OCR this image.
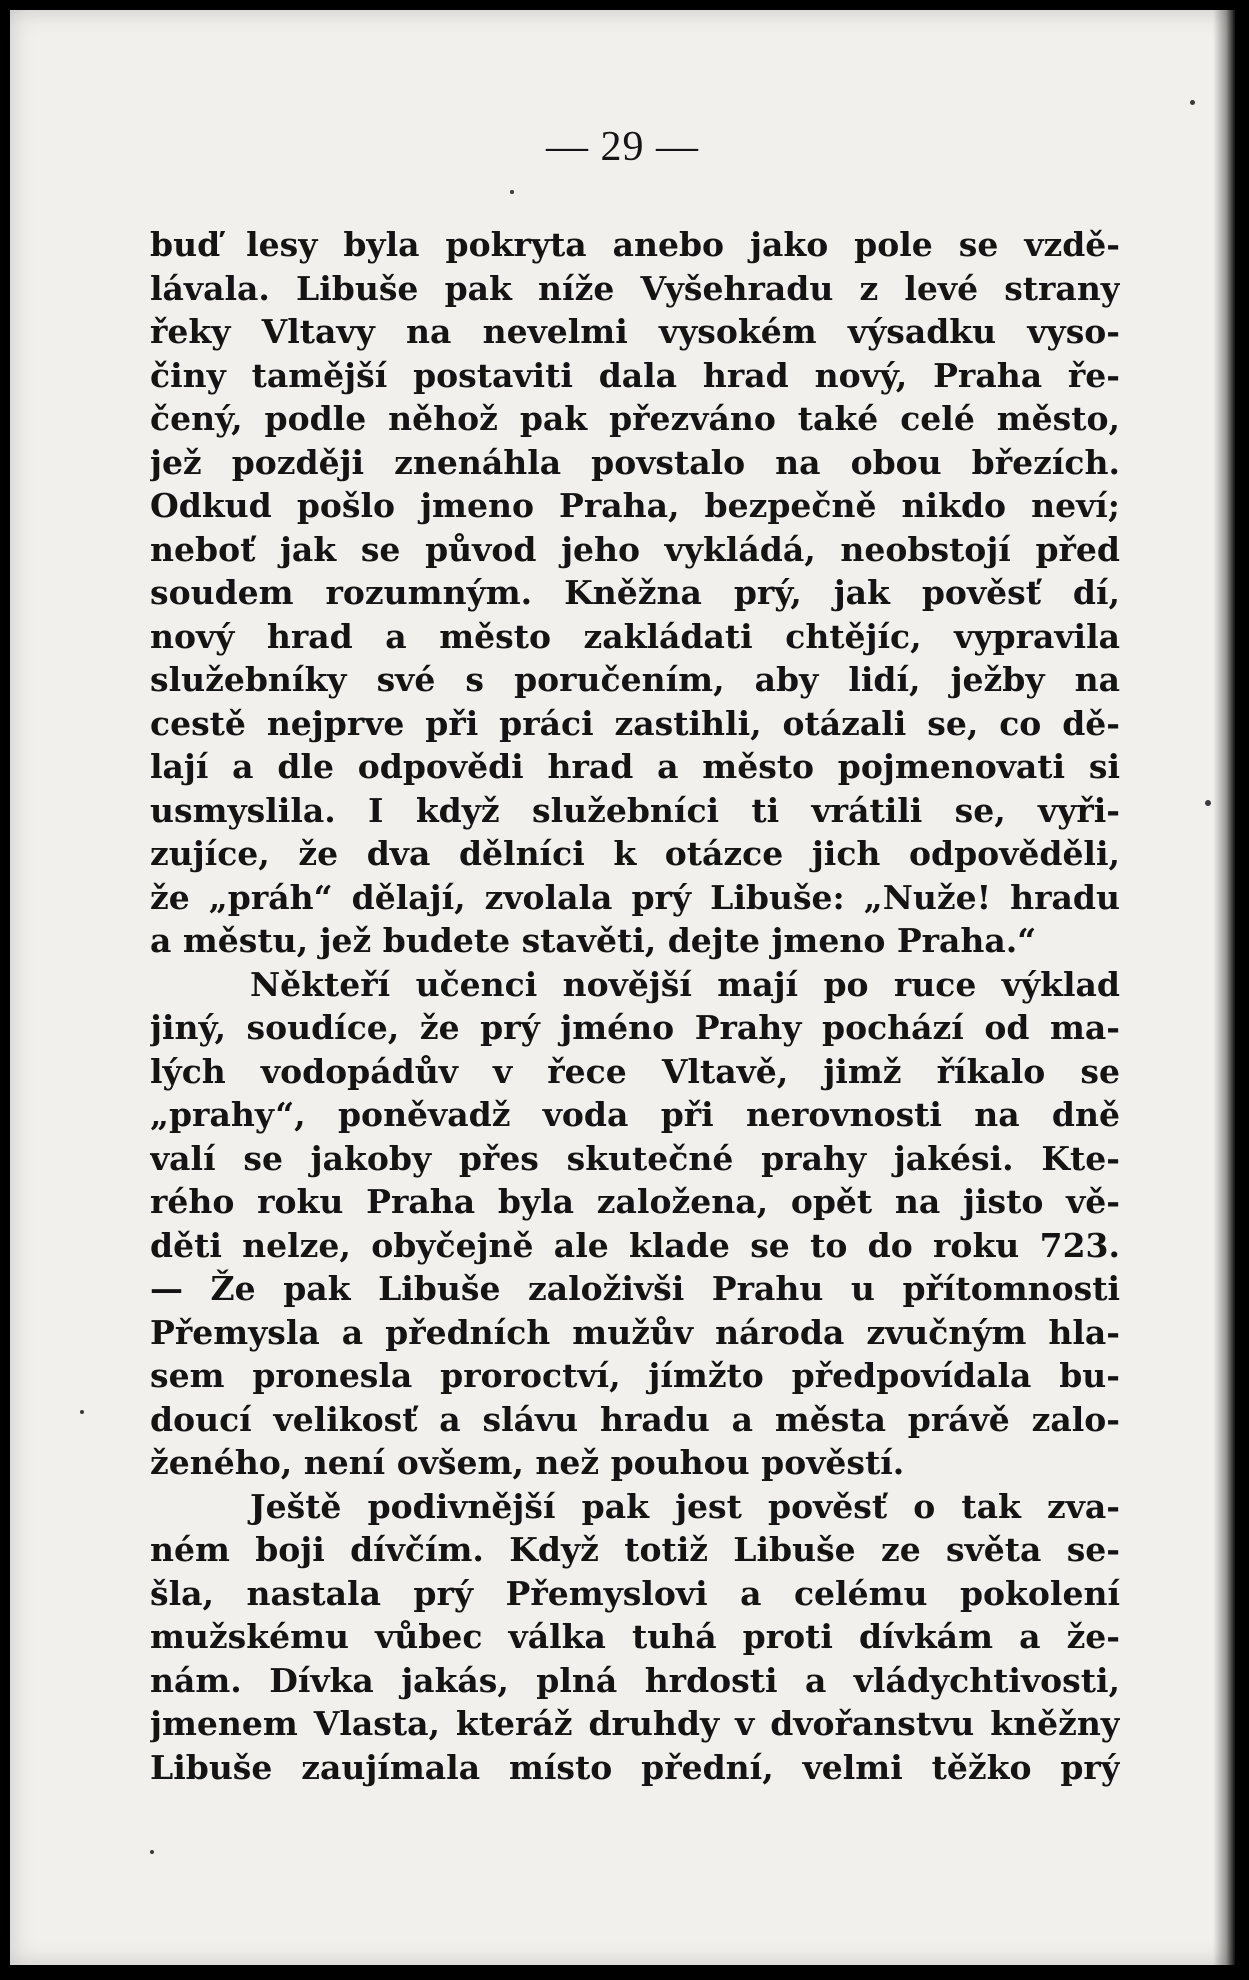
— 29 —
buď lesy byla pokryta anebo jako pole se vzdě-
lávala. Libuše pak níže Vyšehradu z levé strany
řeky Vltavy na nevelmi vysokém výsadku vyso-
činy tamější postaviti dala hrad nový, Praha ře-
čený, podle něhož pak přezváno také celé město,
jež později znenáhla povstalo na obou březích.
Odkud pošlo jmeno Praha, bezpečně nikdo neví;
neboť jak se původ jeho vykládá, neobstojí před
soudem rozumným. Kněžna prý, jak pověsť dí,
nový hrad a město zakládati chtějíc, vypravila
služebníky své s poručením, aby lidí, ježby na
cestě nejprve při práci zastihli, otázali se, co dě-
lají a dle odpovědi hrad a město pojmenovati si
usmyslila. I když služebníci ti vrátili se, vyři-
zujíce, že dva dělníci k otázce jich odpověděli,
že „práh“ dělají, zvolala prý Libuše: „Nuže! hradu
a městu, jež budete stavěti, dejte jmeno Praha.“
Někteří učenci novější mají po ruce výklad
jiný, soudíce, že prý jméno Prahy pochází od ma-
lých vodopádův v řece Vltavě, jimž říkalo se
„prahy“, poněvadž voda při nerovnosti na dně
valí se jakoby přes skutečné prahy jakési. Kte-
rého roku Praha byla založena, opět na jisto vě-
děti nelze, obyčejně ale klade se to do roku 723.
— Že pak Libuše založivši Prahu u přítomnosti
Přemysla a předních mužův národa zvučným hla-
sem pronesla proroctví, jímžto předpovídala bu-
doucí velikosť a slávu hradu a města právě zalo-
ženého, není ovšem, než pouhou pověstí.
Ještě podivnější pak jest pověsť o tak zva-
ném boji dívčím. Když totiž Libuše ze světa se-
šla, nastala prý Přemyslovi a celému pokolení
mužskému vůbec válka tuhá proti dívkám a že-
nám. Dívka jakás, plná hrdosti a vládychtivosti,
jmenem Vlasta, kteráž druhdy v dvořanstvu kněžny
Libuše zaujímala místo přední, velmi těžko prý
